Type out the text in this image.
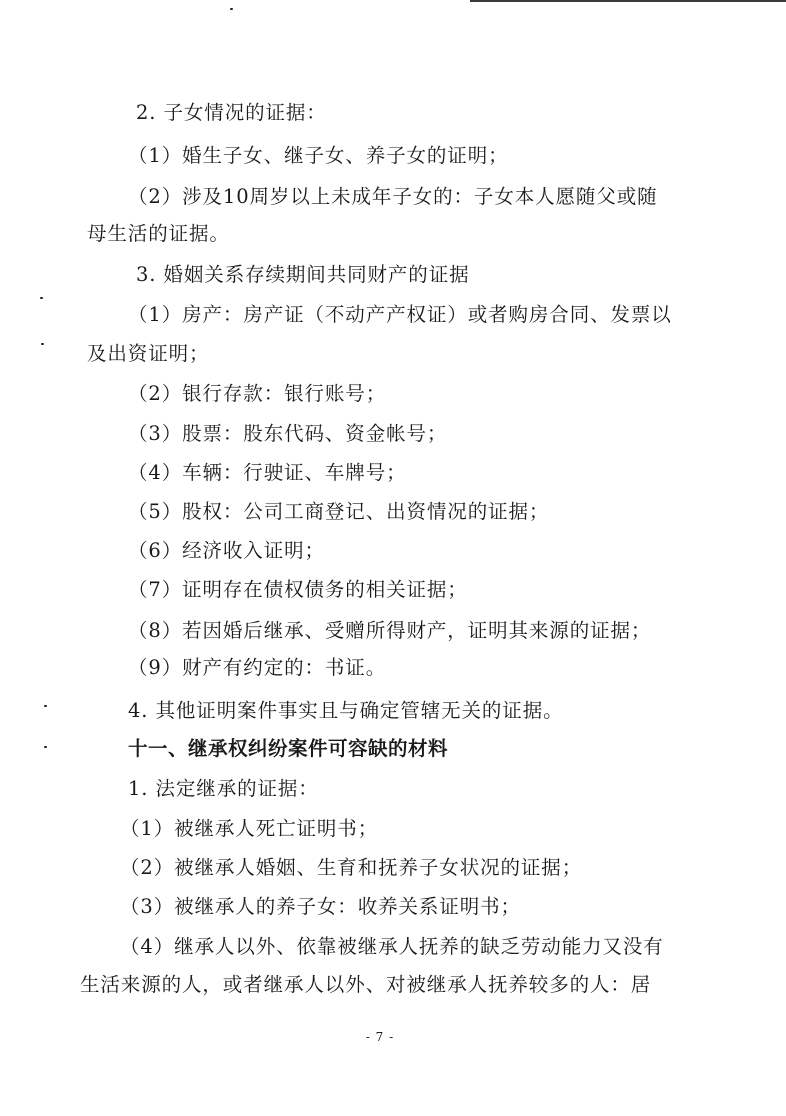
2. 子女情况的证据：
（1）婚生子女、继子女、养子女的证明；
（2）涉及10周岁以上未成年子女的：子女本人愿随父或随
母生活的证据。
3. 婚姻关系存续期间共同财产的证据
（1）房产：房产证（不动产产权证）或者购房合同、发票以
及出资证明；
（2）银行存款：银行账号；
（3）股票：股东代码、资金帐号；
（4）车辆：行驶证、车牌号；
（5）股权：公司工商登记、出资情况的证据；
（6）经济收入证明；
（7）证明存在债权债务的相关证据；
（8）若因婚后继承、受赠所得财产，证明其来源的证据；
（9）财产有约定的：书证。
4. 其他证明案件事实且与确定管辖无关的证据。
十一、继承权纠纷案件可容缺的材料
1. 法定继承的证据：
（1）被继承人死亡证明书；
（2）被继承人婚姻、生育和抚养子女状况的证据；
（3）被继承人的养子女：收养关系证明书；
（4）继承人以外、依靠被继承人抚养的缺乏劳动能力又没有
生活来源的人，或者继承人以外、对被继承人抚养较多的人：居
- 7 -
